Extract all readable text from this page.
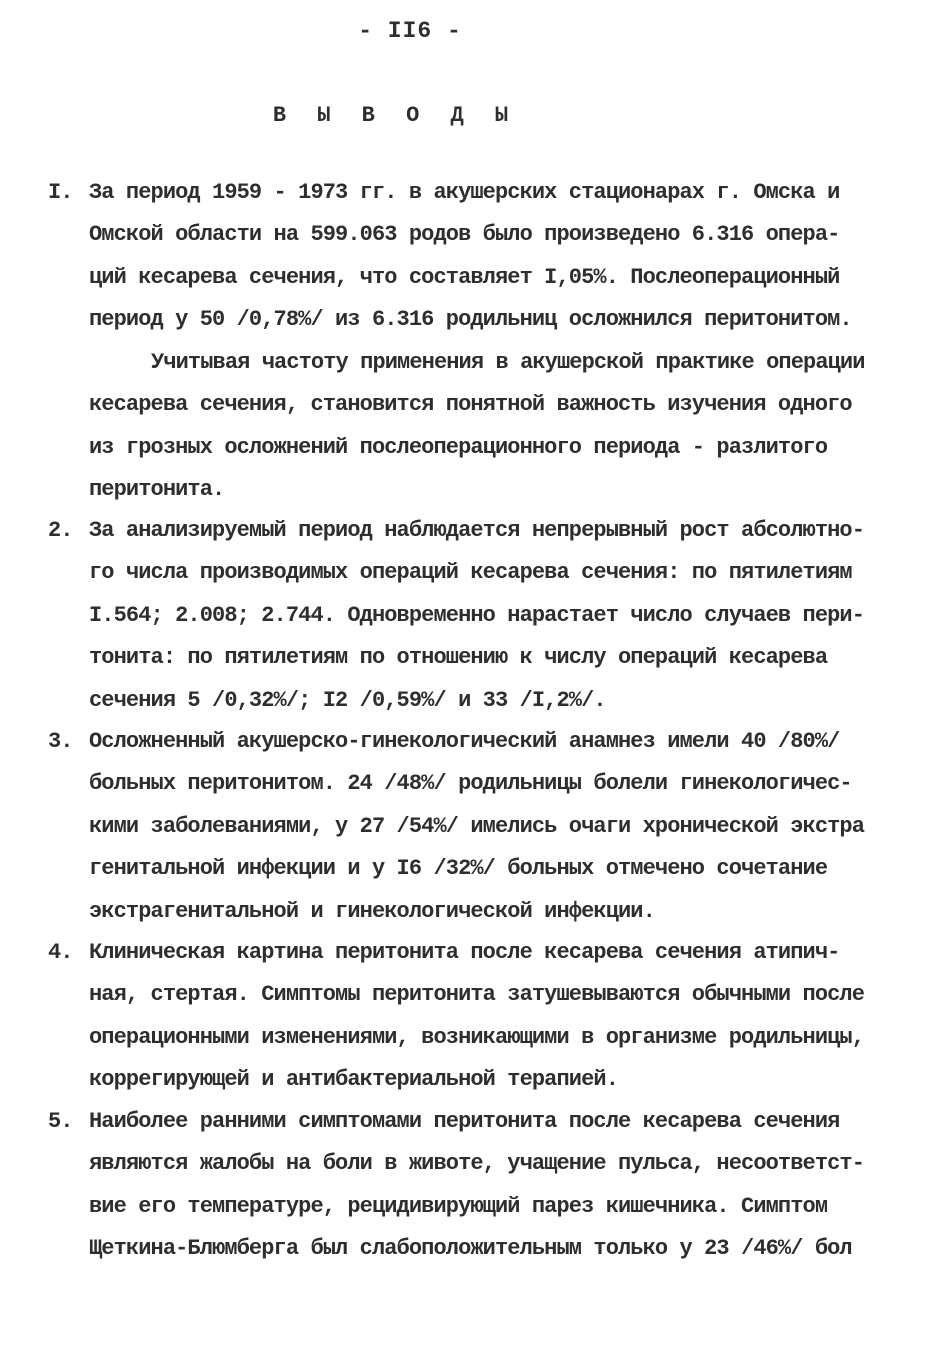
- II6 -
В Ы В О Д Ы
I. За период 1959 - 1973 гг. в акушерских стационарах г. Омска и
Омской области на 599.063 родов было произведено 6.316 опера-
ций кесарева сечения, что составляет I,05%. Послеоперационный
период у 50 /0,78%/ из 6.316 родильниц осложнился перитонитом.
Учитывая частоту применения в акушерской практике операции
кесарева сечения, становится понятной важность изучения одного
из грозных осложнений послеоперационного периода - разлитого
перитонита.
2. За анализируемый период наблюдается непрерывный рост абсолютно-
го числа производимых операций кесарева сечения: по пятилетиям
I.564; 2.008; 2.744. Одновременно нарастает число случаев пери-
тонита: по пятилетиям по отношению к числу операций кесарева
сечения 5 /0,32%/; I2 /0,59%/ и 33 /I,2%/.
3. Осложненный акушерско-гинекологический анамнез имели 40 /80%/
больных перитонитом. 24 /48%/ родильницы болели гинекологичес-
кими заболеваниями, у 27 /54%/ имелись очаги хронической экстра
генитальной инфекции и у I6 /32%/ больных отмечено сочетание
экстрагенитальной и гинекологической инфекции.
4. Клиническая картина перитонита после кесарева сечения атипич-
ная, стертая. Симптомы перитонита затушевываются обычными после
операционными изменениями, возникающими в организме родильницы,
коррегирующей и антибактериальной терапией.
5. Наиболее ранними симптомами перитонита после кесарева сечения
являются жалобы на боли в животе, учащение пульса, несоответст-
вие его температуре, рецидивирующий парез кишечника. Симптом
Щеткина-Блюмберга был слабоположительным только у 23 /46%/ бол
